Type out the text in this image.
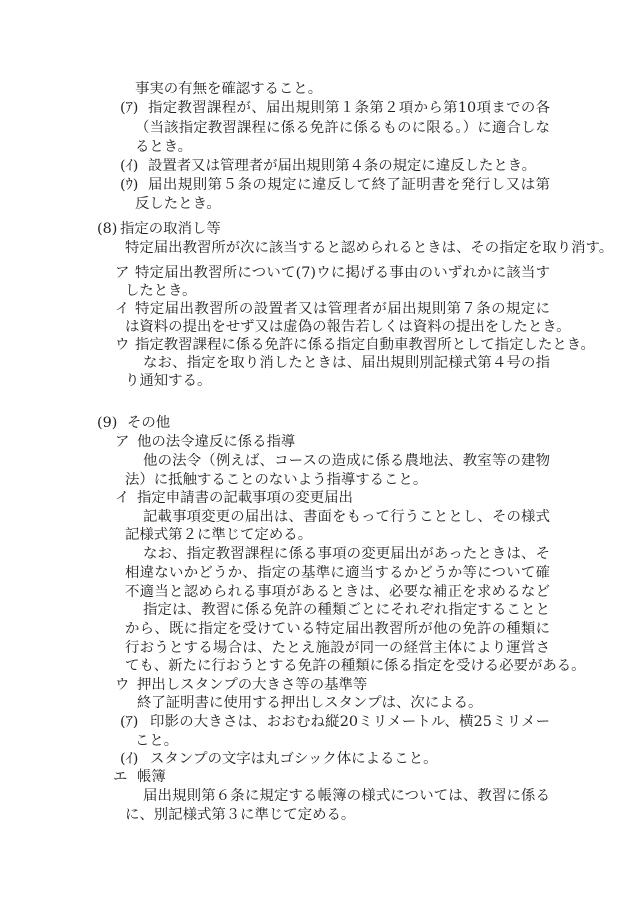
事実の有無を確認すること。
(ｱ) 指定教習課程が、届出規則第１条第２項から第10項までの各
（当該指定教習課程に係る免許に係るものに限る。）に適合しな
るとき。
(ｲ) 設置者又は管理者が届出規則第４条の規定に違反したとき。
(ｳ) 届出規則第５条の規定に違反して終了証明書を発行し又は第
反したとき。
(8) 指定の取消し等
特定届出教習所が次に該当すると認められるときは、その指定を取り消す。
ア 特定届出教習所について(7)ウに掲げる事由のいずれかに該当す
したとき。
イ 特定届出教習所の設置者又は管理者が届出規則第７条の規定に
は資料の提出をせず又は虚偽の報告若しくは資料の提出をしたとき。
ウ 指定教習課程に係る免許に係る指定自動車教習所として指定したとき。
なお、指定を取り消したときは、届出規則別記様式第４号の指
り通知する。
(9) その他
ア 他の法令違反に係る指導
他の法令（例えば、コースの造成に係る農地法、教室等の建物
法）に抵触することのないよう指導すること。
イ 指定申請書の記載事項の変更届出
記載事項変更の届出は、書面をもって行うこととし、その様式
記様式第２に準じて定める。
なお、指定教習課程に係る事項の変更届出があったときは、そ
相違ないかどうか、指定の基準に適当するかどうか等について確
不適当と認められる事項があるときは、必要な補正を求めるなど
指定は、教習に係る免許の種類ごとにそれぞれ指定することと
から、既に指定を受けている特定届出教習所が他の免許の種類に
行おうとする場合は、たとえ施設が同一の経営主体により運営さ
ても、新たに行おうとする免許の種類に係る指定を受ける必要がある。
ウ 押出しスタンプの大きさ等の基準等
終了証明書に使用する押出しスタンプは、次による。
(ｱ) 印影の大きさは、おおむね縦20ミリメートル、横25ミリメー
こと。
(ｲ) スタンプの文字は丸ゴシック体によること。
エ 帳簿
届出規則第６条に規定する帳簿の様式については、教習に係る
に、別記様式第３に準じて定める。
